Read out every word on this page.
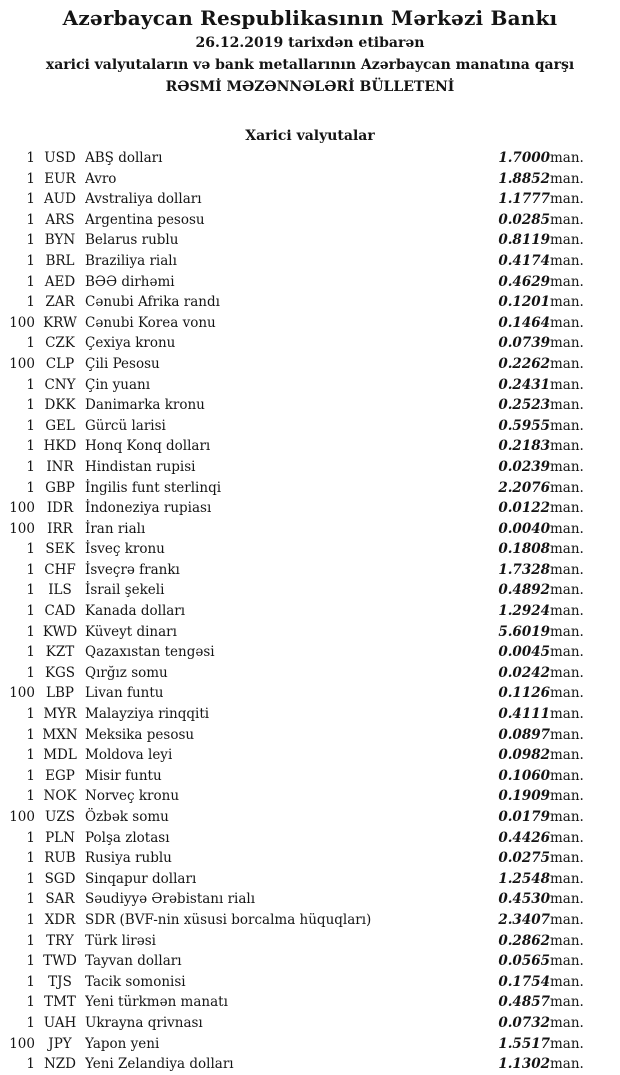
Azərbaycan Respublikasının Mərkəzi Bankı
26.12.2019 tarixdən etibarən
xarici valyutaların və bank metallarının Azərbaycan manatına qarşı
RƏSMİ MƏZƏNNƏLƏRİ BÜLLETENİ
Xarici valyutalar
1	USD	ABŞ dolları	1.7000	man.
1	EUR	Avro	1.8852	man.
1	AUD	Avstraliya dolları	1.1777	man.
1	ARS	Argentina pesosu	0.0285	man.
1	BYN	Belarus rublu	0.8119	man.
1	BRL	Braziliya rialı	0.4174	man.
1	AED	BƏƏ dirhəmi	0.4629	man.
1	ZAR	Cənubi Afrika randı	0.1201	man.
100	KRW	Cənubi Korea vonu	0.1464	man.
1	CZK	Çexiya kronu	0.0739	man.
100	CLP	Çili Pesosu	0.2262	man.
1	CNY	Çin yuanı	0.2431	man.
1	DKK	Danimarka kronu	0.2523	man.
1	GEL	Gürcü larisi	0.5955	man.
1	HKD	Honq Konq dolları	0.2183	man.
1	INR	Hindistan rupisi	0.0239	man.
1	GBP	İngilis funt sterlinqi	2.2076	man.
100	IDR	İndoneziya rupiası	0.0122	man.
100	IRR	İran rialı	0.0040	man.
1	SEK	İsveç kronu	0.1808	man.
1	CHF	İsveçrə frankı	1.7328	man.
1	ILS	İsrail şekeli	0.4892	man.
1	CAD	Kanada dolları	1.2924	man.
1	KWD	Küveyt dinarı	5.6019	man.
1	KZT	Qazaxıstan tengəsi	0.0045	man.
1	KGS	Qırğız somu	0.0242	man.
100	LBP	Livan funtu	0.1126	man.
1	MYR	Malayziya rinqqiti	0.4111	man.
1	MXN	Meksika pesosu	0.0897	man.
1	MDL	Moldova leyi	0.0982	man.
1	EGP	Misir funtu	0.1060	man.
1	NOK	Norveç kronu	0.1909	man.
100	UZS	Özbək somu	0.0179	man.
1	PLN	Polşa zlotası	0.4426	man.
1	RUB	Rusiya rublu	0.0275	man.
1	SGD	Sinqapur dolları	1.2548	man.
1	SAR	Səudiyyə Ərəbistanı rialı	0.4530	man.
1	XDR	SDR (BVF-nin xüsusi borcalma hüquqları)	2.3407	man.
1	TRY	Türk lirəsi	0.2862	man.
1	TWD	Tayvan dolları	0.0565	man.
1	TJS	Tacik somonisi	0.1754	man.
1	TMT	Yeni türkmən manatı	0.4857	man.
1	UAH	Ukrayna qrivnası	0.0732	man.
100	JPY	Yapon yeni	1.5517	man.
1	NZD	Yeni Zelandiya dolları	1.1302	man.
